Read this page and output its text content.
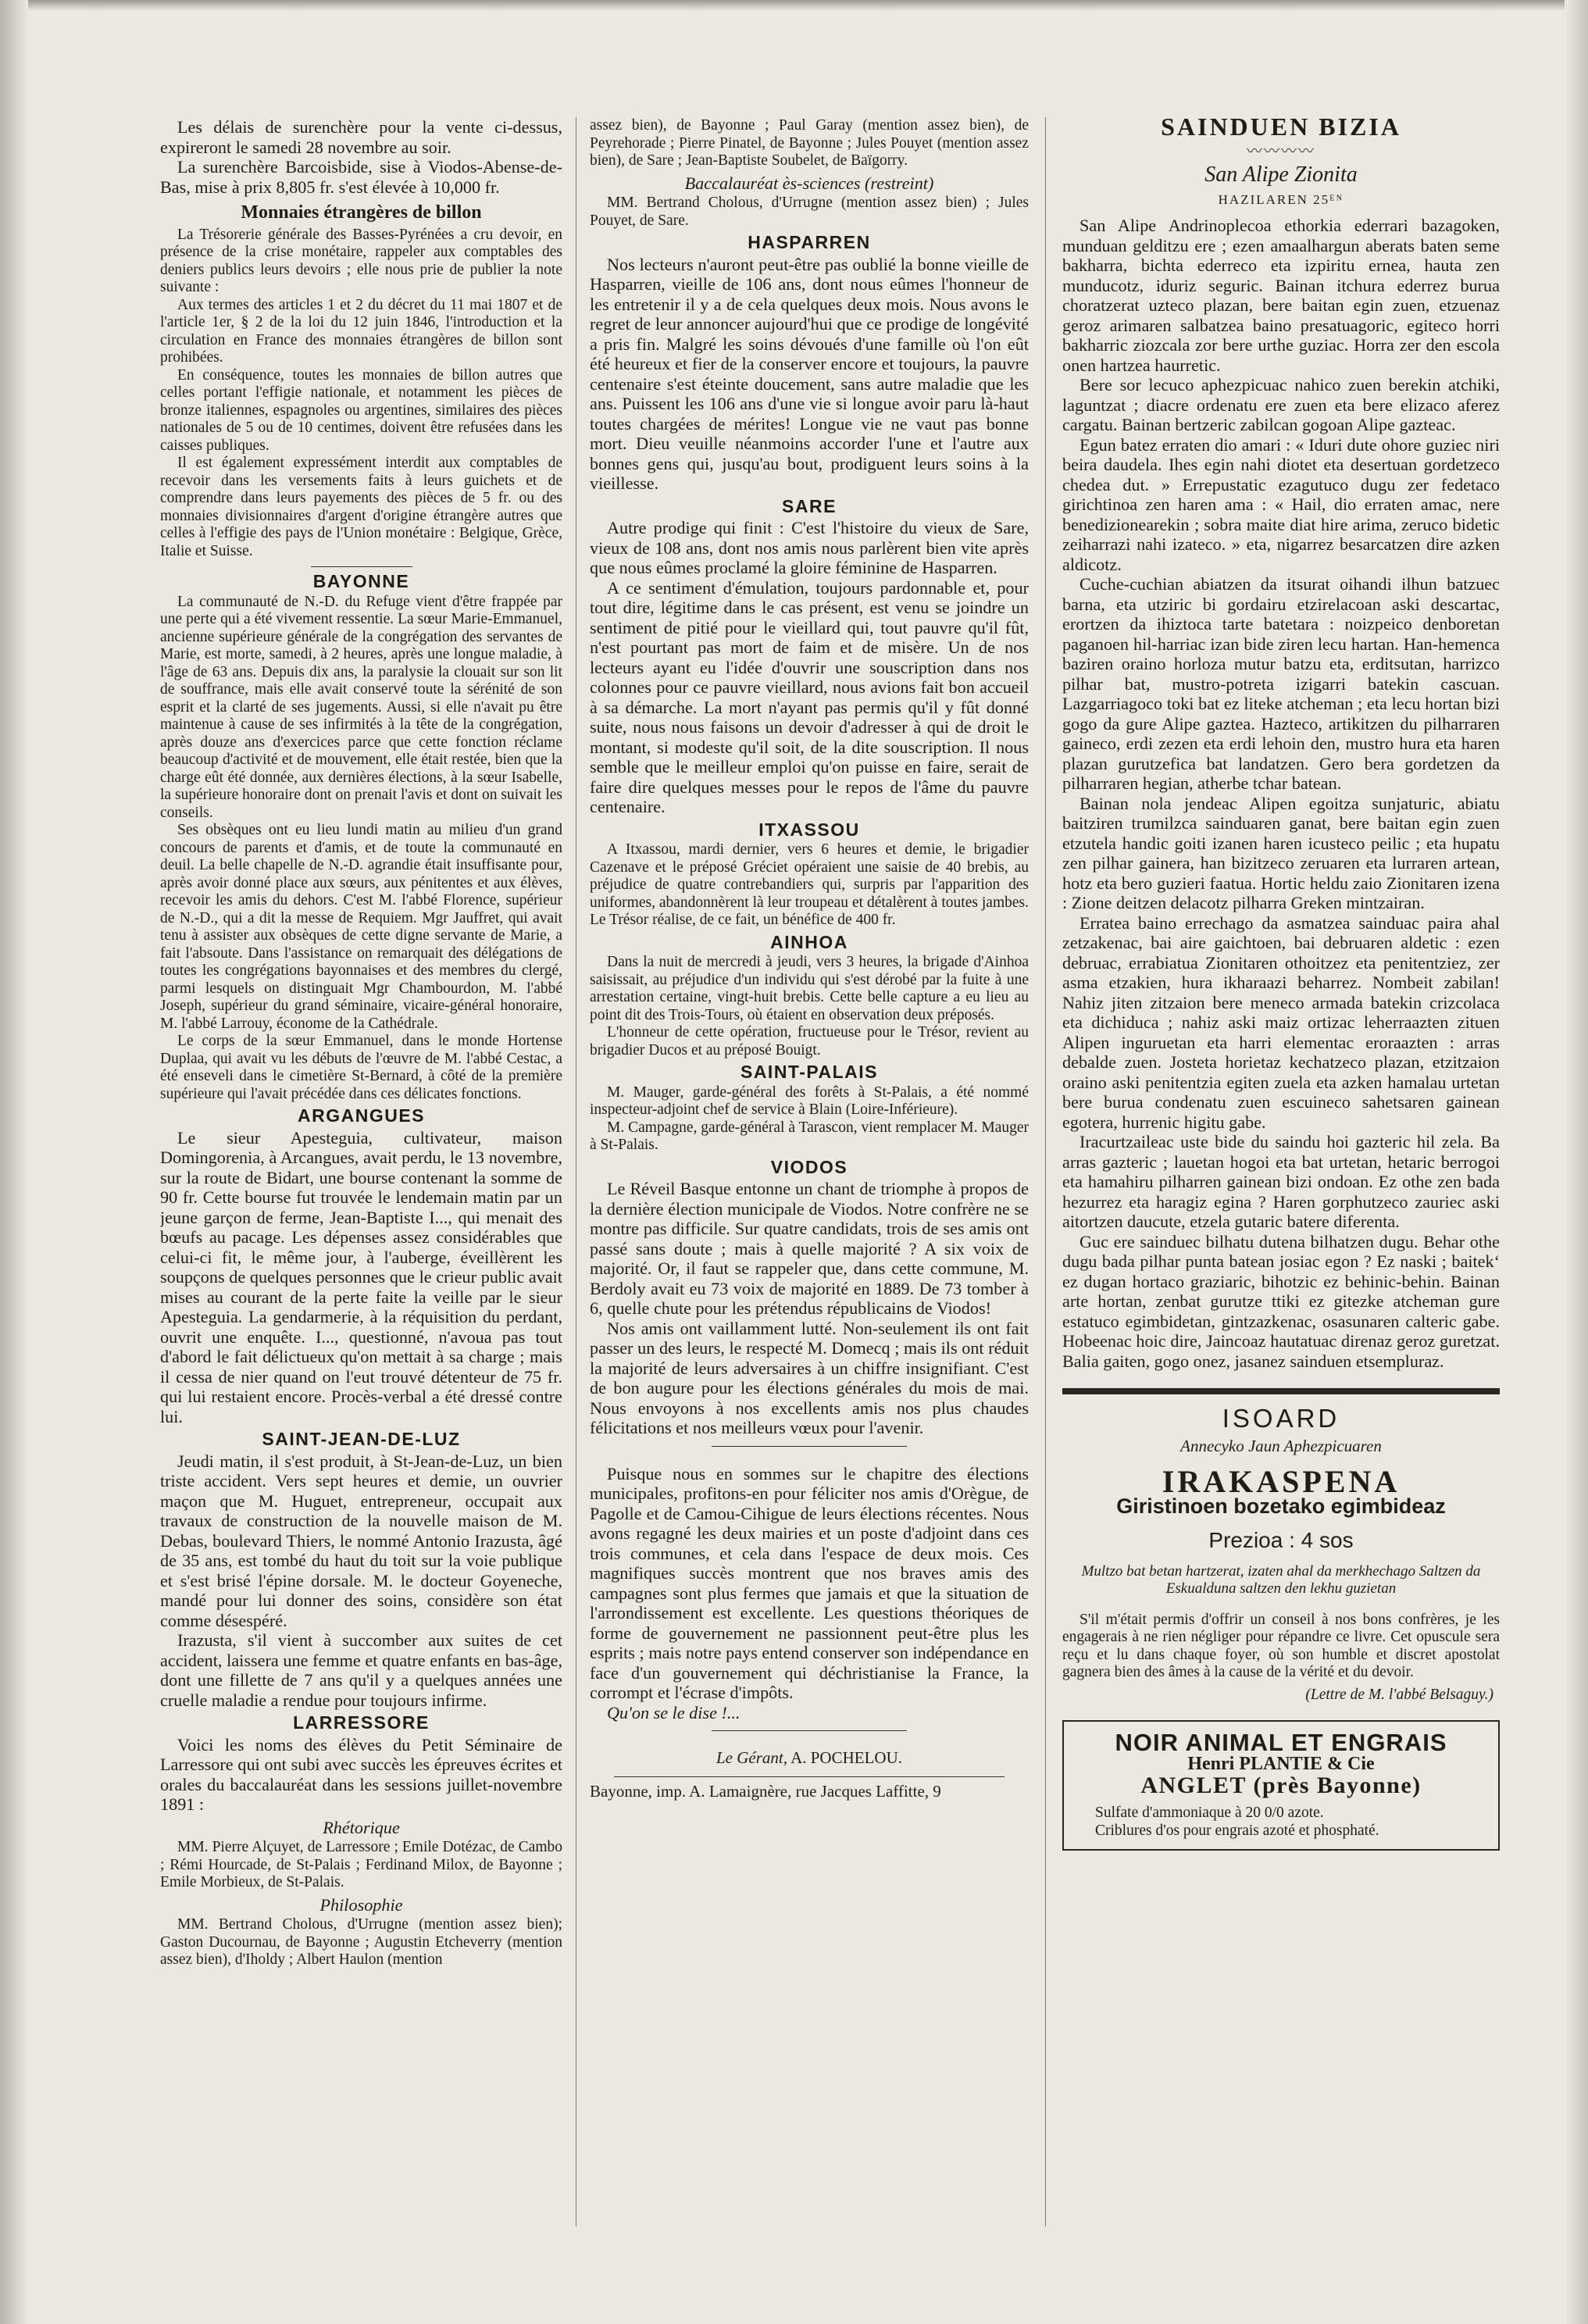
Les délais de surenchère pour la vente ci-dessus, expireront le samedi 28 novembre au soir.

La surenchère Barcoisbide, sise à Viodos-Abense-de-Bas, mise à prix 8,805 fr. s'est élevée à 10,000 fr.

Monnaies étrangères de billon

La Trésorerie générale des Basses-Pyrénées a cru devoir, en présence de la crise monétaire, rappeler aux comptables des deniers publics leurs devoirs ; elle nous prie de publier la note suivante :

Aux termes des articles 1 et 2 du décret du 11 mai 1807 et de l'article 1er, § 2 de la loi du 12 juin 1846, l'introduction et la circulation en France des monnaies étrangères de billon sont prohibées.

En conséquence, toutes les monnaies de billon autres que celles portant l'effigie nationale, et notamment les pièces de bronze italiennes, espagnoles ou argentines, similaires des pièces nationales de 5 ou de 10 centimes, doivent être refusées dans les caisses publiques.

Il est également expressément interdit aux comptables de recevoir dans les versements faits à leurs guichets et de comprendre dans leurs payements des pièces de 5 fr. ou des monnaies divisionnaires d'argent d'origine étrangère autres que celles à l'effigie des pays de l'Union monétaire : Belgique, Grèce, Italie et Suisse.

BAYONNE

La communauté de N.-D. du Refuge vient d'être frappée par une perte qui a été vivement ressentie. La sœur Marie-Emmanuel, ancienne supérieure générale de la congrégation des servantes de Marie, est morte, samedi, à 2 heures, après une longue maladie, à l'âge de 63 ans. Depuis dix ans, la paralysie la clouait sur son lit de souffrance, mais elle avait conservé toute la sérénité de son esprit et la clarté de ses jugements. Aussi, si elle n'avait pu être maintenue à cause de ses infirmités à la tête de la congrégation, après douze ans d'exercices parce que cette fonction réclame beaucoup d'activité et de mouvement, elle était restée, bien que la charge eût été donnée, aux dernières élections, à la sœur Isabelle, la supérieure honoraire dont on prenait l'avis et dont on suivait les conseils.

Ses obsèques ont eu lieu lundi matin au milieu d'un grand concours de parents et d'amis, et de toute la communauté en deuil. La belle chapelle de N.-D. agrandie était insuffisante pour, après avoir donné place aux sœurs, aux pénitentes et aux élèves, recevoir les amis du dehors. C'est M. l'abbé Florence, supérieur de N.-D., qui a dit la messe de Requiem. Mgr Jauffret, qui avait tenu à assister aux obsèques de cette digne servante de Marie, a fait l'absoute. Dans l'assistance on remarquait des délégations de toutes les congrégations bayonnaises et des membres du clergé, parmi lesquels on distinguait Mgr Chambourdon, M. l'abbé Joseph, supérieur du grand séminaire, vicaire-général honoraire, M. l'abbé Larrouy, économe de la Cathédrale.

Le corps de la sœur Emmanuel, dans le monde Hortense Duplaa, qui avait vu les débuts de l'œuvre de M. l'abbé Cestac, a été enseveli dans le cimetière St-Bernard, à côté de la première supérieure qui l'avait précédée dans ces délicates fonctions.

ARGANGUES

Le sieur Apesteguia, cultivateur, maison Domingorenia, à Arcangues, avait perdu, le 13 novembre, sur la route de Bidart, une bourse contenant la somme de 90 fr. Cette bourse fut trouvée le lendemain matin par un jeune garçon de ferme, Jean-Baptiste I..., qui menait des bœufs au pacage. Les dépenses assez considérables que celui-ci fit, le même jour, à l'auberge, éveillèrent les soupçons de quelques personnes que le crieur public avait mises au courant de la perte faite la veille par le sieur Apesteguia. La gendarmerie, à la réquisition du perdant, ouvrit une enquête. I..., questionné, n'avoua pas tout d'abord le fait délictueux qu'on mettait à sa charge ; mais il cessa de nier quand on l'eut trouvé détenteur de 75 fr. qui lui restaient encore. Procès-verbal a été dressé contre lui.

SAINT-JEAN-DE-LUZ

Jeudi matin, il s'est produit, à St-Jean-de-Luz, un bien triste accident. Vers sept heures et demie, un ouvrier maçon que M. Huguet, entrepreneur, occupait aux travaux de construction de la nouvelle maison de M. Debas, boulevard Thiers, le nommé Antonio Irazusta, âgé de 35 ans, est tombé du haut du toit sur la voie publique et s'est brisé l'épine dorsale. M. le docteur Goyeneche, mandé pour lui donner des soins, considère son état comme désespéré.

Irazusta, s'il vient à succomber aux suites de cet accident, laissera une femme et quatre enfants en bas-âge, dont une fillette de 7 ans qu'il y a quelques années une cruelle maladie a rendue pour toujours infirme.

LARRESSORE

Voici les noms des élèves du Petit Séminaire de Larressore qui ont subi avec succès les épreuves écrites et orales du baccalauréat dans les sessions juillet-novembre 1891 :

Rhétorique

MM. Pierre Alçuyet, de Larressore ; Emile Dotézac, de Cambo ; Rémi Hourcade, de St-Palais ; Ferdinand Milox, de Bayonne ; Emile Morbieux, de St-Palais.

Philosophie

MM. Bertrand Cholous, d'Urrugne (mention assez bien); Gaston Ducournau, de Bayonne ; Augustin Etcheverry (mention assez bien), d'Iholdy ; Albert Haulon (mention

assez bien), de Bayonne ; Paul Garay (mention assez bien), de Peyrehorade ; Pierre Pinatel, de Bayonne ; Jules Pouyet (mention assez bien), de Sare ; Jean-Baptiste Soubelet, de Baïgorry.

Baccalauréat ès-sciences (restreint)

MM. Bertrand Cholous, d'Urrugne (mention assez bien) ; Jules Pouyet, de Sare.

HASPARREN

Nos lecteurs n'auront peut-être pas oublié la bonne vieille de Hasparren, vieille de 106 ans, dont nous eûmes l'honneur de les entretenir il y a de cela quelques deux mois. Nous avons le regret de leur annoncer aujourd'hui que ce prodige de longévité a pris fin. Malgré les soins dévoués d'une famille où l'on eût été heureux et fier de la conserver encore et toujours, la pauvre centenaire s'est éteinte doucement, sans autre maladie que les ans. Puissent les 106 ans d'une vie si longue avoir paru là-haut toutes chargées de mérites! Longue vie ne vaut pas bonne mort. Dieu veuille néanmoins accorder l'une et l'autre aux bonnes gens qui, jusqu'au bout, prodiguent leurs soins à la vieillesse.

SARE

Autre prodige qui finit : C'est l'histoire du vieux de Sare, vieux de 108 ans, dont nos amis nous parlèrent bien vite après que nous eûmes proclamé la gloire féminine de Hasparren.

A ce sentiment d'émulation, toujours pardonnable et, pour tout dire, légitime dans le cas présent, est venu se joindre un sentiment de pitié pour le vieillard qui, tout pauvre qu'il fût, n'est pourtant pas mort de faim et de misère. Un de nos lecteurs ayant eu l'idée d'ouvrir une souscription dans nos colonnes pour ce pauvre vieillard, nous avions fait bon accueil à sa démarche. La mort n'ayant pas permis qu'il y fût donné suite, nous nous faisons un devoir d'adresser à qui de droit le montant, si modeste qu'il soit, de la dite souscription. Il nous semble que le meilleur emploi qu'on puisse en faire, serait de faire dire quelques messes pour le repos de l'âme du pauvre centenaire.

ITXASSOU

A Itxassou, mardi dernier, vers 6 heures et demie, le brigadier Cazenave et le préposé Gréciet opéraient une saisie de 40 brebis, au préjudice de quatre contrebandiers qui, surpris par l'apparition des uniformes, abandonnèrent là leur troupeau et détalèrent à toutes jambes. Le Trésor réalise, de ce fait, un bénéfice de 400 fr.

AINHOA

Dans la nuit de mercredi à jeudi, vers 3 heures, la brigade d'Ainhoa saisissait, au préjudice d'un individu qui s'est dérobé par la fuite à une arrestation certaine, vingt-huit brebis. Cette belle capture a eu lieu au point dit des Trois-Tours, où étaient en observation deux préposés.

L'honneur de cette opération, fructueuse pour le Trésor, revient au brigadier Ducos et au préposé Bouigt.

SAINT-PALAIS

M. Mauger, garde-général des forêts à St-Palais, a été nommé inspecteur-adjoint chef de service à Blain (Loire-Inférieure).

M. Campagne, garde-général à Tarascon, vient remplacer M. Mauger à St-Palais.

VIODOS

Le Réveil Basque entonne un chant de triomphe à propos de la dernière élection municipale de Viodos. Notre confrère ne se montre pas difficile. Sur quatre candidats, trois de ses amis ont passé sans doute ; mais à quelle majorité ? A six voix de majorité. Or, il faut se rappeler que, dans cette commune, M. Berdoly avait eu 73 voix de majorité en 1889. De 73 tomber à 6, quelle chute pour les prétendus républicains de Viodos!

Nos amis ont vaillamment lutté. Non-seulement ils ont fait passer un des leurs, le respecté M. Domecq ; mais ils ont réduit la majorité de leurs adversaires à un chiffre insignifiant. C'est de bon augure pour les élections générales du mois de mai. Nous envoyons à nos excellents amis nos plus chaudes félicitations et nos meilleurs vœux pour l'avenir.

Puisque nous en sommes sur le chapitre des élections municipales, profitons-en pour féliciter nos amis d'Orègue, de Pagolle et de Camou-Cihigue de leurs élections récentes. Nous avons regagné les deux mairies et un poste d'adjoint dans ces trois communes, et cela dans l'espace de deux mois. Ces magnifiques succès montrent que nos braves amis des campagnes sont plus fermes que jamais et que la situation de l'arrondissement est excellente. Les questions théoriques de forme de gouvernement ne passionnent peut-être plus les esprits ; mais notre pays entend conserver son indépendance en face d'un gouvernement qui déchristianise la France, la corrompt et l'écrase d'impôts.

Qu'on se le dise !...

Le Gérant, A. POCHELOU.
Bayonne, imp. A. Lamaignère, rue Jacques Laffitte, 9
SAINDUEN BIZIA
〰〰〰〰
San Alipe Zionita
HAZILAREN 25ᴱᴺ

San Alipe Andrinoplecoa ethorkia ederrari bazagoken, munduan gelditzu ere ; ezen amaalhargun aberats baten seme bakharra, bichta ederreco eta izpiritu ernea, hauta zen munducotz, iduriz seguric. Bainan itchura ederrez burua choratzerat uzteco plazan, bere baitan egin zuen, etzuenaz geroz arimaren salbatzea baino presatuagoric, egiteco horri bakharric ziozcala zor bere urthe guziac. Horra zer den escola onen hartzea haurretic.

Bere sor lecuco aphezpicuac nahico zuen berekin atchiki, laguntzat ; diacre ordenatu ere zuen eta bere elizaco aferez cargatu. Bainan bertzeric zabilcan gogoan Alipe gazteac.

Egun batez erraten dio amari : « Iduri dute ohore guziec niri beira daudela. Ihes egin nahi diotet eta desertuan gordetzeco chedea dut. » Errepustatic ezagutuco dugu zer fedetaco girichtinoa zen haren ama : « Hail, dio erraten amac, nere benedizionearekin ; sobra maite diat hire arima, zeruco bidetic zeiharrazi nahi izateco. » eta, nigarrez besarcatzen dire azken aldicotz.

Cuche-cuchian abiatzen da itsurat oihandi ilhun batzuec barna, eta utziric bi gordairu etzirelacoan aski descartac, erortzen da ihiztoca tarte batetara : noizpeico denboretan paganoen hil-harriac izan bide ziren lecu hartan. Han-hemenca baziren oraino horloza mutur batzu eta, erditsutan, harrizco pilhar bat, mustro-potreta izigarri batekin cascuan. Lazgarriagoco toki bat ez liteke atcheman ; eta lecu hortan bizi gogo da gure Alipe gaztea. Hazteco, artikitzen du pilharraren gaineco, erdi zezen eta erdi lehoin den, mustro hura eta haren plazan gurutzefica bat landatzen. Gero bera gordetzen da pilharraren hegian, atherbe tchar batean.

Bainan nola jendeac Alipen egoitza sunjaturic, abiatu baitziren trumilzca sainduaren ganat, bere baitan egin zuen etzutela handic goiti izanen haren icusteco peilic ; eta hupatu zen pilhar gainera, han bizitzeco zeruaren eta lurraren artean, hotz eta bero guzieri faatua. Hortic heldu zaio Zionitaren izena : Zione deitzen delacotz pilharra Greken mintzairan.

Erratea baino errechago da asmatzea sainduac paira ahal zetzakenac, bai aire gaichtoen, bai debruaren aldetic : ezen debruac, errabiatua Zionitaren othoitzez eta penitentziez, zer asma etzakien, hura ikharaazi beharrez. Nombeit zabilan! Nahiz jiten zitzaion bere meneco armada batekin crizcolaca eta dichiduca ; nahiz aski maiz ortizac leherraazten zituen Alipen inguruetan eta harri elementac eroraazten : arras debalde zuen. Josteta horietaz kechatzeco plazan, etzitzaion oraino aski penitentzia egiten zuela eta azken hamalau urtetan bere burua condenatu zuen escuineco sahetsaren gainean egotera, hurrenic higitu gabe.

Iracurtzaileac uste bide du saindu hoi gazteric hil zela. Ba arras gazteric ; lauetan hogoi eta bat urtetan, hetaric berrogoi eta hamahiru pilharren gainean bizi ondoan. Ez othe zen bada hezurrez eta haragiz egina ? Haren gorphutzeco zauriec aski aitortzen daucute, etzela gutaric batere diferenta.

Guc ere sainduec bilhatu dutena bilhatzen dugu. Behar othe dugu bada pilhar punta batean josiac egon ? Ez naski ; baitekʻ ez dugan hortaco graziaric, bihotzic ez behinic-behin. Bainan arte hortan, zenbat gurutze ttiki ez gitezke atcheman gure estatuco egimbidetan, gintzazkenac, osasunaren calteric gabe. Hobeenac hoic dire, Jaincoaz hautatuac direnaz geroz guretzat. Balia gaiten, gogo onez, jasanez sainduen etsempluraz.

ISOARD
Annecyko Jaun Aphezpicuaren
IRAKASPENA
Giristinoen bozetako egimbideaz
Prezioa : 4 sos
Multzo bat betan hartzerat, izaten ahal da merkhechago Saltzen da Eskualduna saltzen den lekhu guzietan

S'il m'était permis d'offrir un conseil à nos bons confrères, je les engagerais à ne rien négliger pour répandre ce livre. Cet opuscule sera reçu et lu dans chaque foyer, où son humble et discret apostolat gagnera bien des âmes à la cause de la vérité et du devoir.

(Lettre de M. l'abbé Belsaguy.)
NOIR ANIMAL ET ENGRAIS
Henri PLANTIE & Cie
ANGLET (près Bayonne)
Sulfate d'ammoniaque à 20 0/0 azote.
Criblures d'os pour engrais azoté et phosphaté.
